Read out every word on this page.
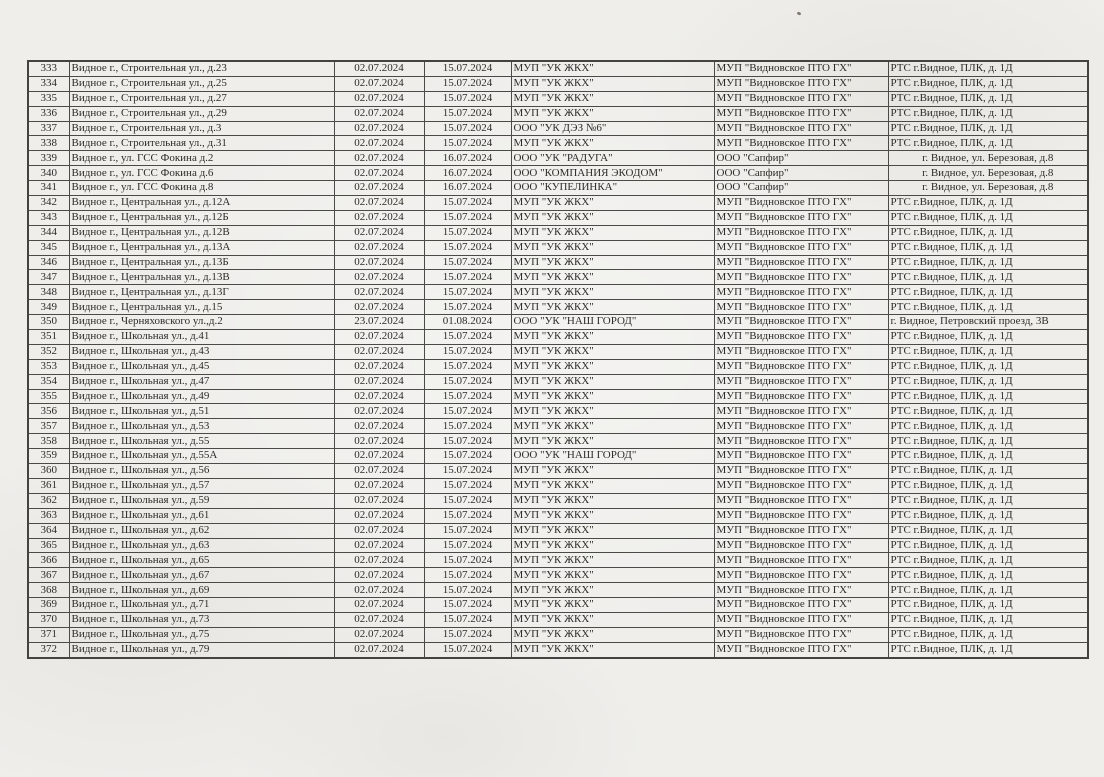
333	Видное г., Строительная ул., д.23	02.07.2024	15.07.2024	МУП "УК ЖКХ"	МУП "Видновское ПТО ГХ"	РТС г.Видное, ПЛК, д. 1Д
334	Видное г., Строительная ул., д.25	02.07.2024	15.07.2024	МУП "УК ЖКХ"	МУП "Видновское ПТО ГХ"	РТС г.Видное, ПЛК, д. 1Д
335	Видное г., Строительная ул., д.27	02.07.2024	15.07.2024	МУП "УК ЖКХ"	МУП "Видновское ПТО ГХ"	РТС г.Видное, ПЛК, д. 1Д
336	Видное г., Строительная ул., д.29	02.07.2024	15.07.2024	МУП "УК ЖКХ"	МУП "Видновское ПТО ГХ"	РТС г.Видное, ПЛК, д. 1Д
337	Видное г., Строительная ул., д.3	02.07.2024	15.07.2024	ООО "УК ДЭЗ №6"	МУП "Видновское ПТО ГХ"	РТС г.Видное, ПЛК, д. 1Д
338	Видное г., Строительная ул., д.31	02.07.2024	15.07.2024	МУП "УК ЖКХ"	МУП "Видновское ПТО ГХ"	РТС г.Видное, ПЛК, д. 1Д
339	Видное г., ул. ГСС Фокина д.2	02.07.2024	16.07.2024	ООО "УК "РАДУГА"	ООО "Сапфир"	г. Видное, ул. Березовая, д.8
340	Видное г., ул. ГСС Фокина д.6	02.07.2024	16.07.2024	ООО "КОМПАНИЯ ЭКОДОМ"	ООО "Сапфир"	г. Видное, ул. Березовая, д.8
341	Видное г., ул. ГСС Фокина д.8	02.07.2024	16.07.2024	ООО "КУПЕЛИНКА"	ООО "Сапфир"	г. Видное, ул. Березовая, д.8
342	Видное г., Центральная ул., д.12А	02.07.2024	15.07.2024	МУП "УК ЖКХ"	МУП "Видновское ПТО ГХ"	РТС г.Видное, ПЛК, д. 1Д
343	Видное г., Центральная ул., д.12Б	02.07.2024	15.07.2024	МУП "УК ЖКХ"	МУП "Видновское ПТО ГХ"	РТС г.Видное, ПЛК, д. 1Д
344	Видное г., Центральная ул., д.12В	02.07.2024	15.07.2024	МУП "УК ЖКХ"	МУП "Видновское ПТО ГХ"	РТС г.Видное, ПЛК, д. 1Д
345	Видное г., Центральная ул., д.13А	02.07.2024	15.07.2024	МУП "УК ЖКХ"	МУП "Видновское ПТО ГХ"	РТС г.Видное, ПЛК, д. 1Д
346	Видное г., Центральная ул., д.13Б	02.07.2024	15.07.2024	МУП "УК ЖКХ"	МУП "Видновское ПТО ГХ"	РТС г.Видное, ПЛК, д. 1Д
347	Видное г., Центральная ул., д.13В	02.07.2024	15.07.2024	МУП "УК ЖКХ"	МУП "Видновское ПТО ГХ"	РТС г.Видное, ПЛК, д. 1Д
348	Видное г., Центральная ул., д.13Г	02.07.2024	15.07.2024	МУП "УК ЖКХ"	МУП "Видновское ПТО ГХ"	РТС г.Видное, ПЛК, д. 1Д
349	Видное г., Центральная ул., д.15	02.07.2024	15.07.2024	МУП "УК ЖКХ"	МУП "Видновское ПТО ГХ"	РТС г.Видное, ПЛК, д. 1Д
350	Видное г., Черняховского ул.,д.2	23.07.2024	01.08.2024	ООО "УК "НАШ ГОРОД"	МУП "Видновское ПТО ГХ"	г. Видное, Петровский проезд, 3В
351	Видное г., Школьная ул., д.41	02.07.2024	15.07.2024	МУП "УК ЖКХ"	МУП "Видновское ПТО ГХ"	РТС г.Видное, ПЛК, д. 1Д
352	Видное г., Школьная ул., д.43	02.07.2024	15.07.2024	МУП "УК ЖКХ"	МУП "Видновское ПТО ГХ"	РТС г.Видное, ПЛК, д. 1Д
353	Видное г., Школьная ул., д.45	02.07.2024	15.07.2024	МУП "УК ЖКХ"	МУП "Видновское ПТО ГХ"	РТС г.Видное, ПЛК, д. 1Д
354	Видное г., Школьная ул., д.47	02.07.2024	15.07.2024	МУП "УК ЖКХ"	МУП "Видновское ПТО ГХ"	РТС г.Видное, ПЛК, д. 1Д
355	Видное г., Школьная ул., д.49	02.07.2024	15.07.2024	МУП "УК ЖКХ"	МУП "Видновское ПТО ГХ"	РТС г.Видное, ПЛК, д. 1Д
356	Видное г., Школьная ул., д.51	02.07.2024	15.07.2024	МУП "УК ЖКХ"	МУП "Видновское ПТО ГХ"	РТС г.Видное, ПЛК, д. 1Д
357	Видное г., Школьная ул., д.53	02.07.2024	15.07.2024	МУП "УК ЖКХ"	МУП "Видновское ПТО ГХ"	РТС г.Видное, ПЛК, д. 1Д
358	Видное г., Школьная ул., д.55	02.07.2024	15.07.2024	МУП "УК ЖКХ"	МУП "Видновское ПТО ГХ"	РТС г.Видное, ПЛК, д. 1Д
359	Видное г., Школьная ул., д.55А	02.07.2024	15.07.2024	ООО "УК "НАШ ГОРОД"	МУП "Видновское ПТО ГХ"	РТС г.Видное, ПЛК, д. 1Д
360	Видное г., Школьная ул., д.56	02.07.2024	15.07.2024	МУП "УК ЖКХ"	МУП "Видновское ПТО ГХ"	РТС г.Видное, ПЛК, д. 1Д
361	Видное г., Школьная ул., д.57	02.07.2024	15.07.2024	МУП "УК ЖКХ"	МУП "Видновское ПТО ГХ"	РТС г.Видное, ПЛК, д. 1Д
362	Видное г., Школьная ул., д.59	02.07.2024	15.07.2024	МУП "УК ЖКХ"	МУП "Видновское ПТО ГХ"	РТС г.Видное, ПЛК, д. 1Д
363	Видное г., Школьная ул., д.61	02.07.2024	15.07.2024	МУП "УК ЖКХ"	МУП "Видновское ПТО ГХ"	РТС г.Видное, ПЛК, д. 1Д
364	Видное г., Школьная ул., д.62	02.07.2024	15.07.2024	МУП "УК ЖКХ"	МУП "Видновское ПТО ГХ"	РТС г.Видное, ПЛК, д. 1Д
365	Видное г., Школьная ул., д.63	02.07.2024	15.07.2024	МУП "УК ЖКХ"	МУП "Видновское ПТО ГХ"	РТС г.Видное, ПЛК, д. 1Д
366	Видное г., Школьная ул., д.65	02.07.2024	15.07.2024	МУП "УК ЖКХ"	МУП "Видновское ПТО ГХ"	РТС г.Видное, ПЛК, д. 1Д
367	Видное г., Школьная ул., д.67	02.07.2024	15.07.2024	МУП "УК ЖКХ"	МУП "Видновское ПТО ГХ"	РТС г.Видное, ПЛК, д. 1Д
368	Видное г., Школьная ул., д.69	02.07.2024	15.07.2024	МУП "УК ЖКХ"	МУП "Видновское ПТО ГХ"	РТС г.Видное, ПЛК, д. 1Д
369	Видное г., Школьная ул., д.71	02.07.2024	15.07.2024	МУП "УК ЖКХ"	МУП "Видновское ПТО ГХ"	РТС г.Видное, ПЛК, д. 1Д
370	Видное г., Школьная ул., д.73	02.07.2024	15.07.2024	МУП "УК ЖКХ"	МУП "Видновское ПТО ГХ"	РТС г.Видное, ПЛК, д. 1Д
371	Видное г., Школьная ул., д.75	02.07.2024	15.07.2024	МУП "УК ЖКХ"	МУП "Видновское ПТО ГХ"	РТС г.Видное, ПЛК, д. 1Д
372	Видное г., Школьная ул., д.79	02.07.2024	15.07.2024	МУП "УК ЖКХ"	МУП "Видновское ПТО ГХ"	РТС г.Видное, ПЛК, д. 1Д
